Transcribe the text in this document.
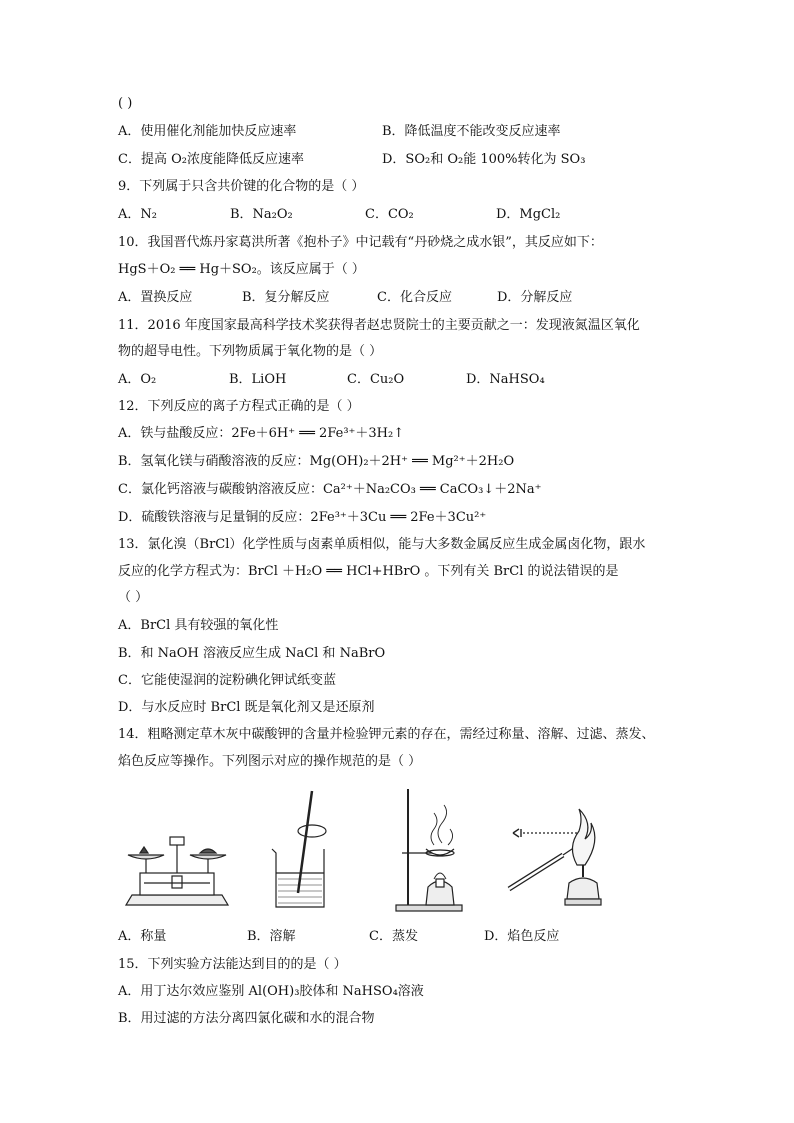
( )
A．使用催化剂能加快反应速率	B．降低温度不能改变反应速率
C．提高 O₂浓度能降低反应速率	D．SO₂和 O₂能 100%转化为 SO₃
9．下列属于只含共价键的化合物的是（ ）
A．N₂	B．Na₂O₂	C．CO₂	D．MgCl₂
10．我国晋代炼丹家葛洪所著《抱朴子》中记载有“丹砂烧之成水银”，其反应如下：
HgS＋O₂ ══ Hg＋SO₂。该反应属于（ ）
A．置换反应	B．复分解反应	C．化合反应	D．分解反应
11．2016 年度国家最高科学技术奖获得者赵忠贤院士的主要贡献之一：发现液氮温区氧化
物的超导电性。下列物质属于氧化物的是（ ）
A．O₂	B．LiOH	C．Cu₂O	D．NaHSO₄
12．下列反应的离子方程式正确的是（ ）
A．铁与盐酸反应：2Fe＋6H⁺ ══ 2Fe³⁺＋3H₂↑
B．氢氧化镁与硝酸溶液的反应：Mg(OH)₂＋2H⁺ ══ Mg²⁺＋2H₂O
C．氯化钙溶液与碳酸钠溶液反应：Ca²⁺＋Na₂CO₃ ══ CaCO₃↓＋2Na⁺
D．硫酸铁溶液与足量铜的反应：2Fe³⁺＋3Cu ══ 2Fe＋3Cu²⁺
13．氯化溴（BrCl）化学性质与卤素单质相似，能与大多数金属反应生成金属卤化物，跟水
反应的化学方程式为：BrCl ＋H₂O ══ HCl+HBrO 。下列有关 BrCl 的说法错误的是
（ ）
A．BrCl 具有较强的氧化性
B．和 NaOH 溶液反应生成 NaCl 和 NaBrO
C．它能使湿润的淀粉碘化钾试纸变蓝
D．与水反应时 BrCl 既是氧化剂又是还原剂
14．粗略测定草木灰中碳酸钾的含量并检验钾元素的存在，需经过称量、溶解、过滤、蒸发、
焰色反应等操作。下列图示对应的操作规范的是（ ）
A．称量	B．溶解	C．蒸发	D．焰色反应
15．下列实验方法能达到目的的是（ ）
A．用丁达尔效应鉴别 Al(OH)₃胶体和 NaHSO₄溶液
B．用过滤的方法分离四氯化碳和水的混合物
